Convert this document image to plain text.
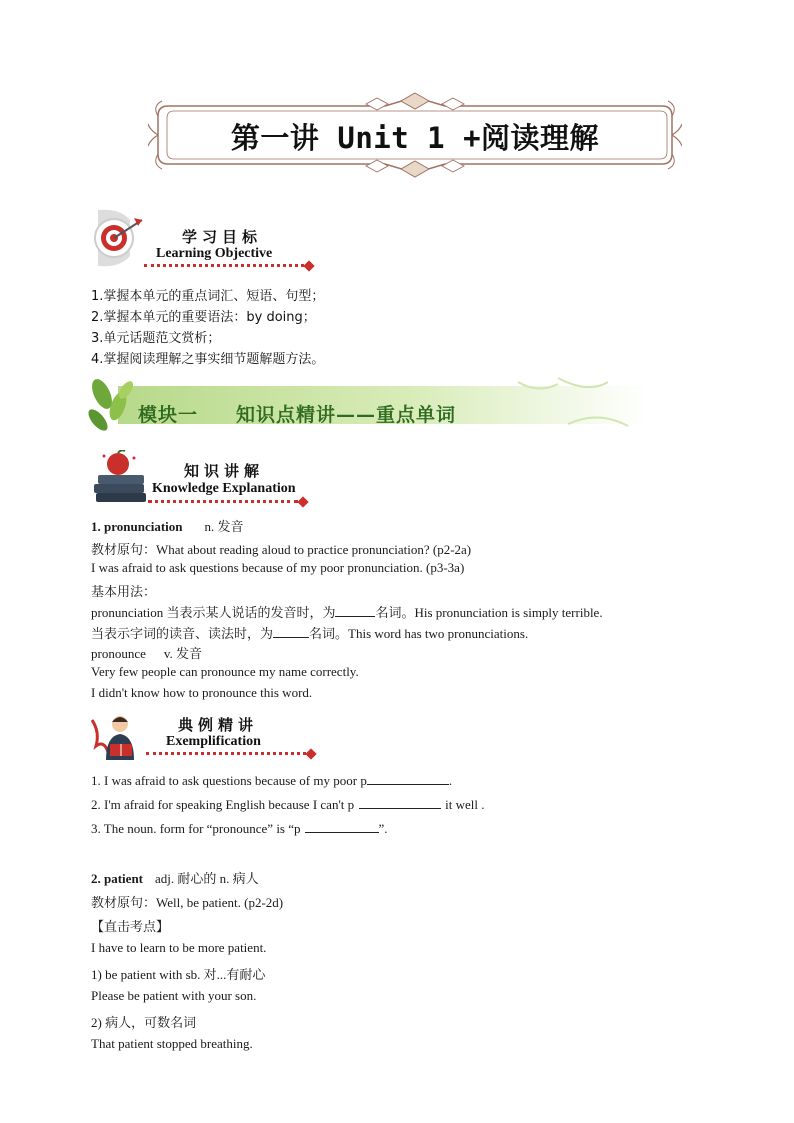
第一讲 Unit 1 +阅读理解
学习目标
Learning Objective
1.掌握本单元的重点词汇、短语、句型；
2.掌握本单元的重要语法：by doing；
3.单元话题范文赏析；
4.掌握阅读理解之事实细节题解题方法。
模块一 知识点精讲——重点单词
知识讲解
Knowledge Explanation
1. pronunciation n. 发音
教材原句：What about reading aloud to practice pronunciation? (p2-2a)
I was afraid to ask questions because of my poor pronunciation. (p3-3a)
基本用法：
pronunciation 当表示某人说话的发音时，为	名词。His pronunciation is simply terrible.
当表示字词的读音、读法时，为	名词。This word has two pronunciations.
pronounce v. 发音
Very few people can pronounce my name correctly.
I didn't know how to pronounce this word.
典例精讲
Exemplification
1. I was afraid to ask questions because of my poor p	.
2. I'm afraid for speaking English because I can't p	it well .
3. The noun. form for “pronounce” is “p	”.
2. patient adj. 耐心的 n. 病人
教材原句：Well, be patient. (p2-2d)
【直击考点】
I have to learn to be more patient.
1) be patient with sb. 对...有耐心
Please be patient with your son.
2) 病人，可数名词
That patient stopped breathing.
